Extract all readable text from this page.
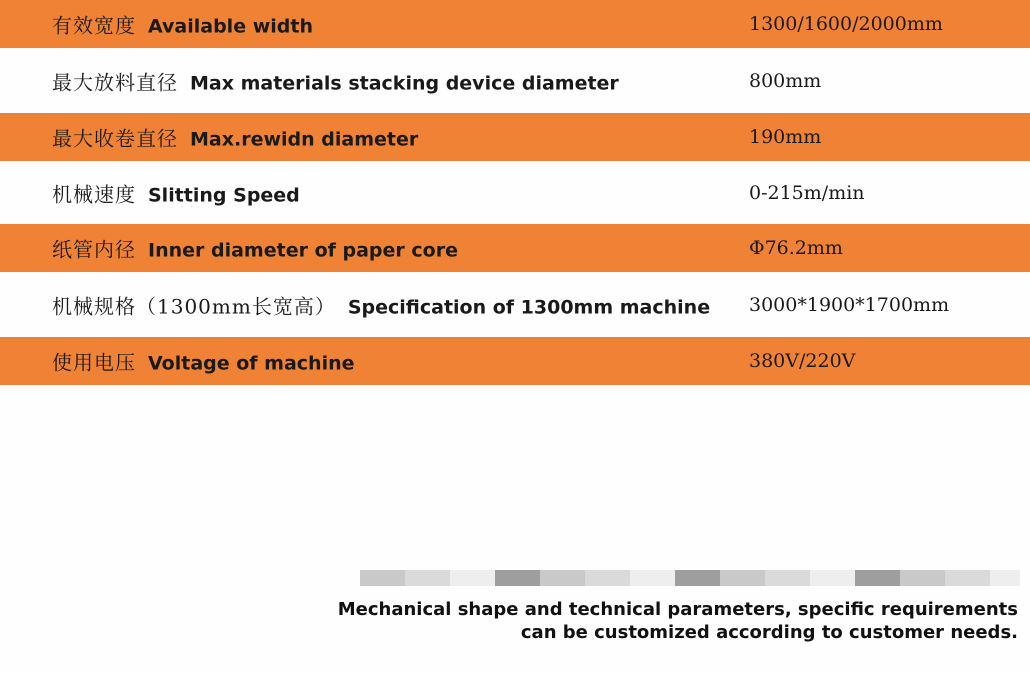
有效宽度 Available width	1300/1600/2000mm
最大放料直径 Max materials stacking device diameter	800mm
最大收卷直径 Max.rewidn diameter	190mm
机械速度 Slitting Speed	0-215m/min
纸管内径 Inner diameter of paper core	Φ76.2mm
机械规格（1300mm长宽高） Specification of 1300mm machine 3000*1900*1700mm
使用电压 Voltage of machine	380V/220V
Mechanical shape and technical parameters, specific requirements
can be customized according to customer needs.
